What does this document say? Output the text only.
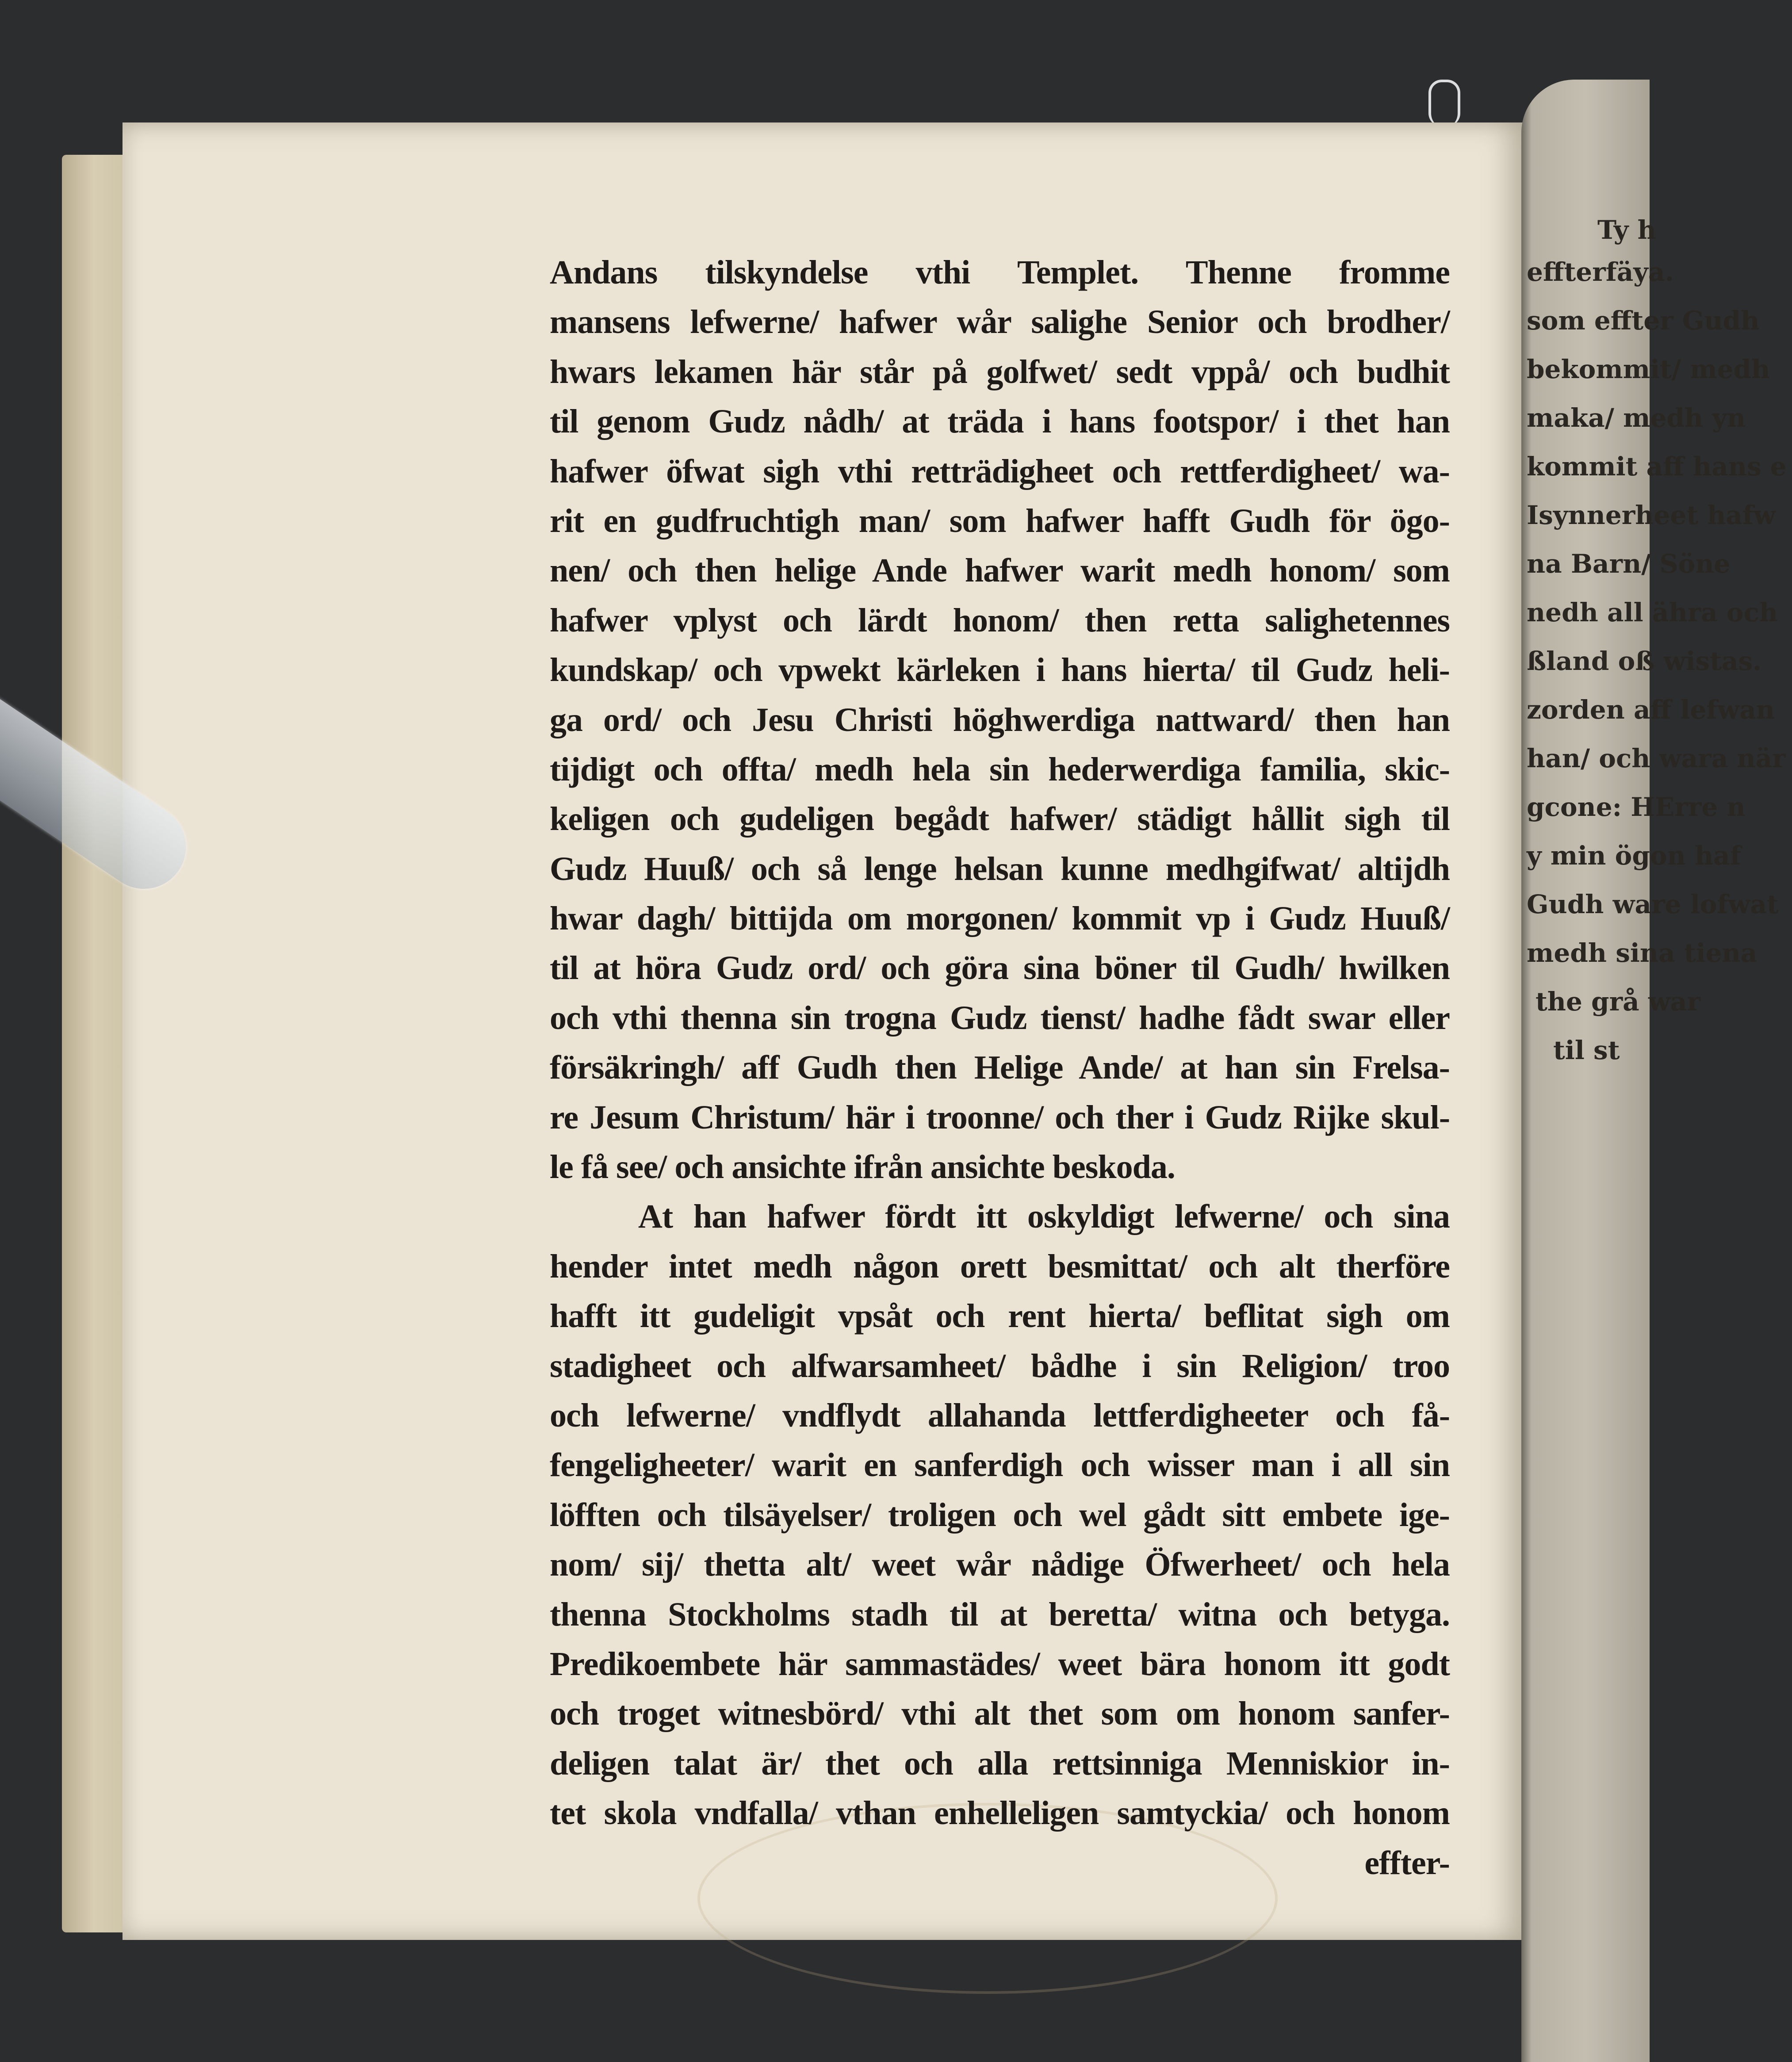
Andans tilskyndelse vthi Templet. Thenne fromme
mansens lefwerne/ hafwer wår salighe Senior och brodher/
hwars lekamen här står på golfwet/ sedt vppå/ och budhit
til genom Gudz nådh/ at träda i hans footspor/ i thet han
hafwer öfwat sigh vthi retträdigheet och rettferdigheet/ wa-
rit en gudfruchtigh man/ som hafwer hafft Gudh för ögo-
nen/ och then helige Ande hafwer warit medh honom/ som
hafwer vplyst och lärdt honom/ then retta salighetennes
kundskap/ och vpwekt kärleken i hans hierta/ til Gudz heli-
ga ord/ och Jesu Christi höghwerdiga nattward/ then han
tijdigt och offta/ medh hela sin hederwerdiga familia, skic-
keligen och gudeligen begådt hafwer/ städigt hållit sigh til
Gudz Huuß/ och så lenge helsan kunne medhgifwat/ altijdh
hwar dagh/ bittijda om morgonen/ kommit vp i Gudz Huuß/
til at höra Gudz ord/ och göra sina böner til Gudh/ hwilken
och vthi thenna sin trogna Gudz tienst/ hadhe fådt swar eller
försäkringh/ aff Gudh then Helige Ande/ at han sin Frelsa-
re Jesum Christum/ här i troonne/ och ther i Gudz Rijke skul-
le få see/ och ansichte ifrån ansichte beskoda.
At han hafwer fördt itt oskyldigt lefwerne/ och sina
hender intet medh någon orett besmittat/ och alt therföre
hafft itt gudeligit vpsåt och rent hierta/ beflitat sigh om
stadigheet och alfwarsamheet/ bådhe i sin Religion/ troo
och lefwerne/ vndflydt allahanda lettferdigheeter och få-
fengeligheeter/ warit en sanferdigh och wisser man i all sin
löfften och tilsäyelser/ troligen och wel gådt sitt embete ige-
nom/ sij/ thetta alt/ weet wår nådige Öfwerheet/ och hela
thenna Stockholms stadh til at beretta/ witna och betyga.
Predikoembete här sammastädes/ weet bära honom itt godt
och troget witnesbörd/ vthi alt thet som om honom sanfer-
deligen talat är/ thet och alla rettsinniga Menniskior in-
tet skola vndfalla/ vthan enhelleligen samtyckia/ och honom
effter-
Ty h
effterfäya.
som effter Gudh
bekommit/ medh
maka/ medh yn
kommit aff hans e
Isynnerheet hafw
na Barn/ Söne
nedh all ähra och
ßland oß wistas.
zorden aff lefwan
han/ och wara när
gcone: HErre n
y min ögon haf
Gudh ware lofwat
medh sina tiena
the grå war
til st
